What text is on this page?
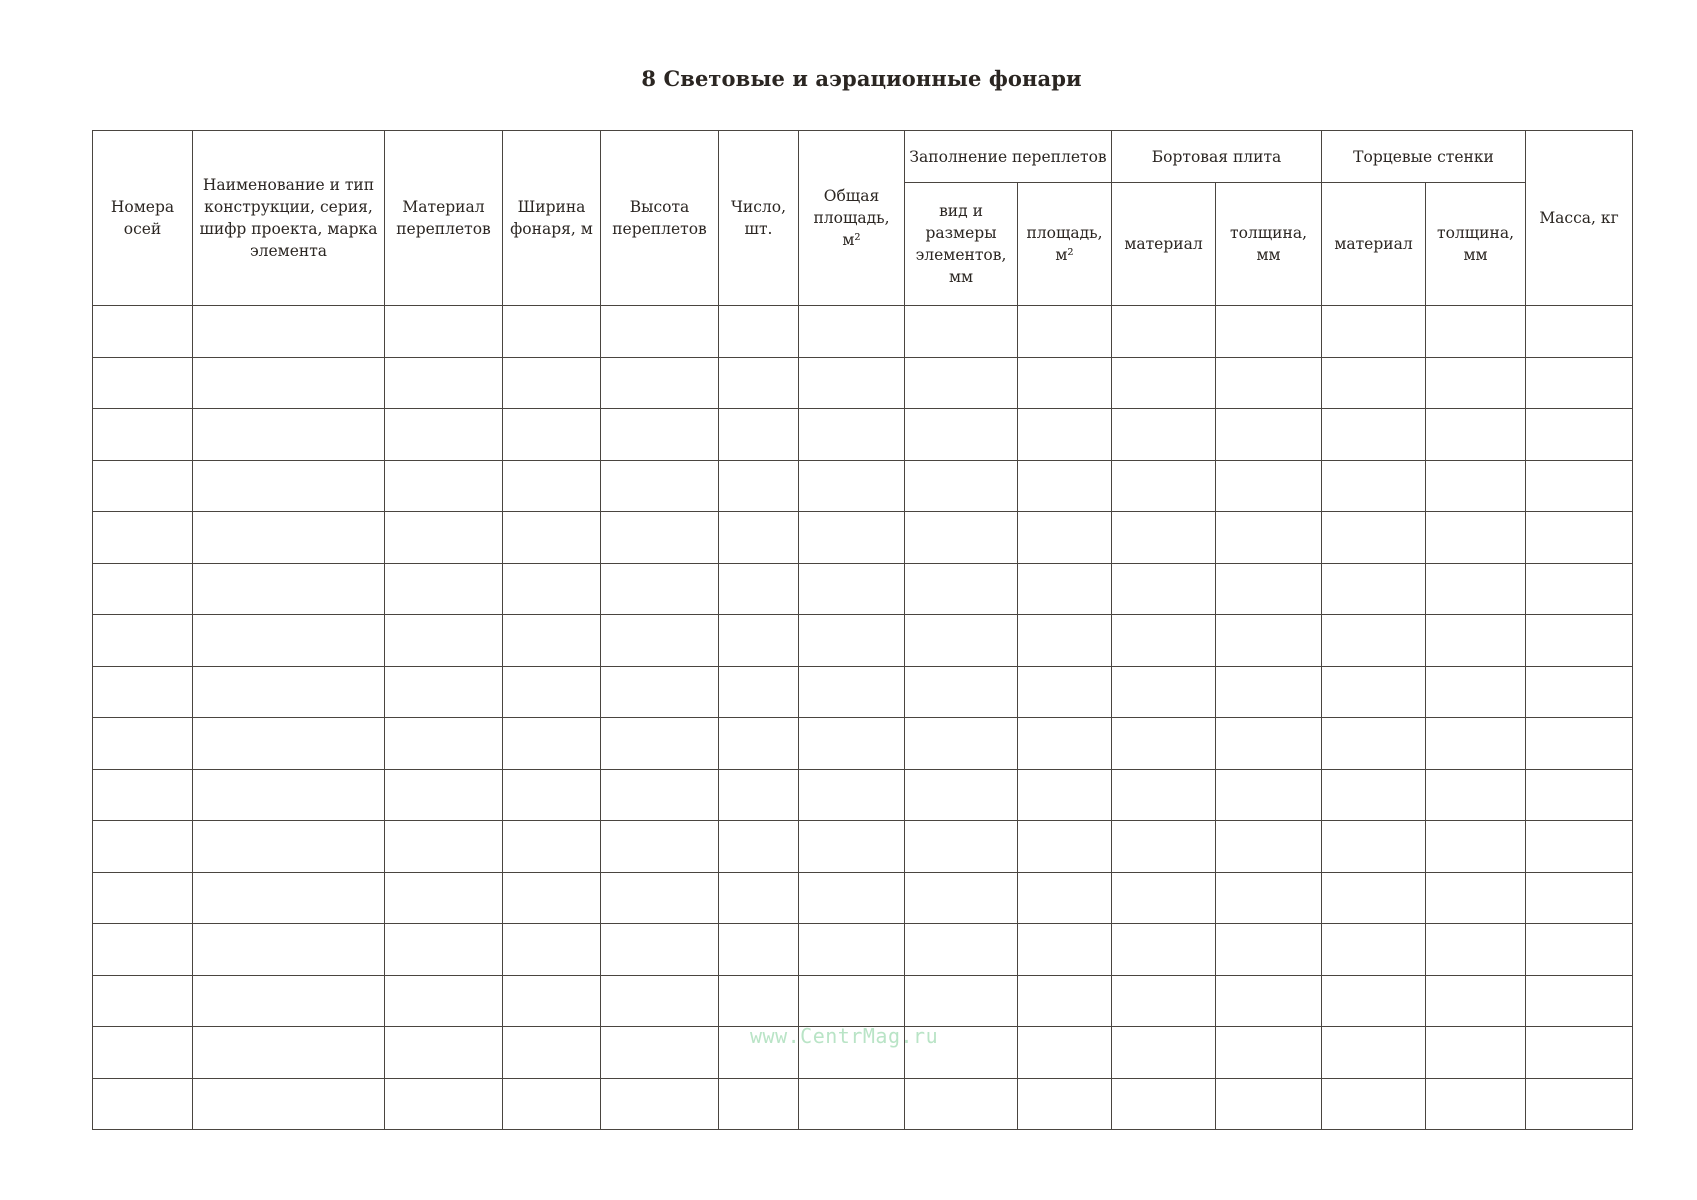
8 Световые и аэрационные фонари
Номера осей	Наименование и тип конструкции, серия, шифр проекта, марка элемента	Материал переплетов	Ширина фонаря, м	Высота переплетов	Число, шт.	Общая площадь, м²	Заполнение переплетов		Бортовая плита		Торцевые стенки		Масса, кг
							вид и размеры элементов, мм	площадь, м²	материал	толщина, мм	материал	толщина, мм	

www.CentrMag.ru
